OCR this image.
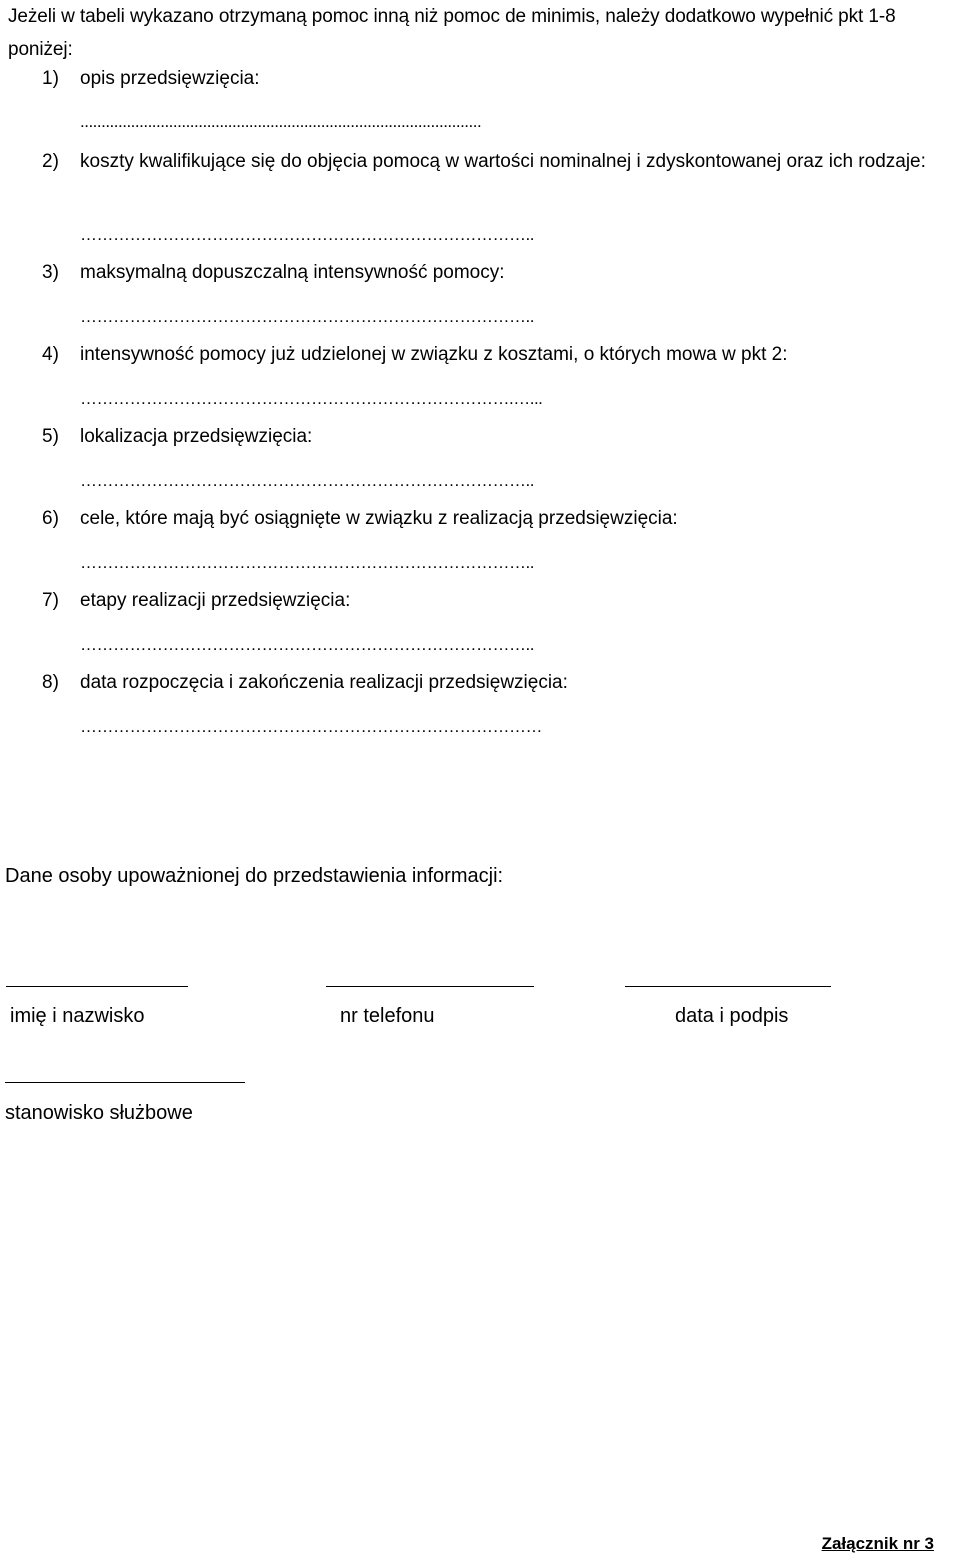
Jeżeli w tabeli wykazano otrzymaną pomoc inną niż pomoc de minimis, należy dodatkowo wypełnić pkt 1-8 poniżej:
1) opis przedsięwzięcia:
...............................................................................................
2) koszty kwalifikujące się do objęcia pomocą w wartości nominalnej i zdyskontowanej oraz ich rodzaje:
………………………………………………………………………..
3) maksymalną dopuszczalną intensywność pomocy:
………………………………………………………………………..
4) intensywność pomocy już udzielonej w związku z kosztami, o których mowa w pkt 2:
…………………………………………………………………….…...
5) lokalizacja przedsięwzięcia:
………………………………………………………………………..
6) cele, które mają być osiągnięte w związku z realizacją przedsięwzięcia:
………………………………………………………………………..
7) etapy realizacji przedsięwzięcia:
………………………………………………………………………..
8) data rozpoczęcia i zakończenia realizacji przedsięwzięcia:
…………………………………………………………………………
Dane osoby upoważnionej do przedstawienia informacji:
imię i nazwisko	nr telefonu	data i podpis
stanowisko służbowe
Załącznik nr 3
